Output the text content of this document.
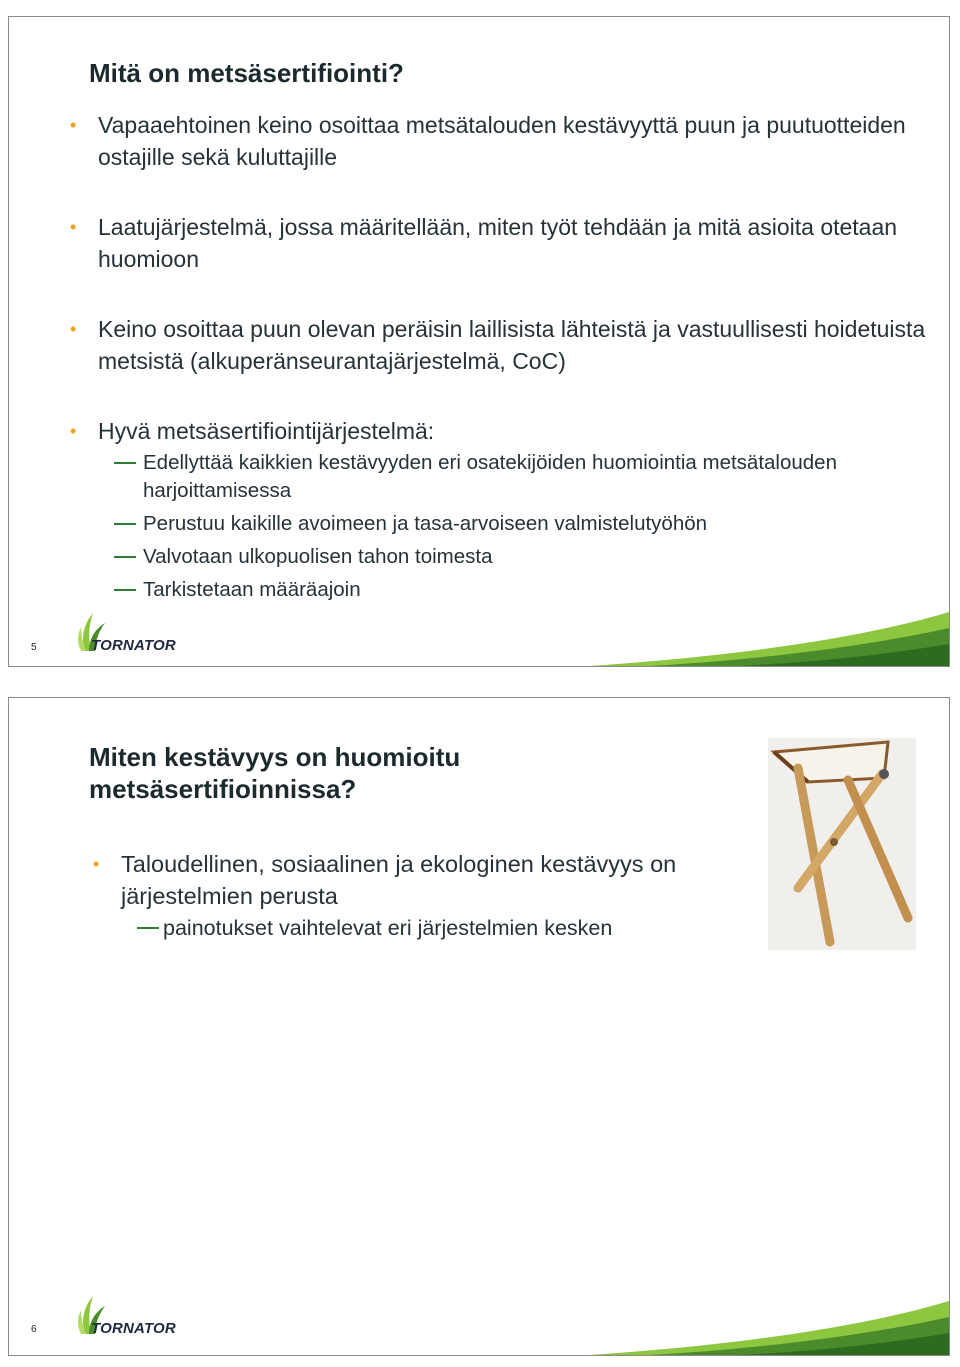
Mitä on metsäsertifiointi?
• Vapaaehtoinen keino osoittaa metsätalouden kestävyyttä puun ja puutuotteiden ostajille sekä kuluttajille
• Laatujärjestelmä, jossa määritellään, miten työt tehdään ja mitä asioita otetaan huomioon
• Keino osoittaa puun olevan peräisin laillisista lähteistä ja vastuullisesti hoidetuista metsistä (alkuperänseurantajärjestelmä, CoC)
• Hyvä metsäsertifiointijärjestelmä:
Edellyttää kaikkien kestävyyden eri osatekijöiden huomiointia metsätalouden harjoittamisessa
Perustuu kaikille avoimeen ja tasa-arvoiseen valmistelutyöhön
Valvotaan ulkopuolisen tahon toimesta
Tarkistetaan määräajoin
5	TORNATOR
Miten kestävyys on huomioitu metsäsertifioinnissa?
• Taloudellinen, sosiaalinen ja ekologinen kestävyys on järjestelmien perusta
painotukset vaihtelevat eri järjestelmien kesken
6	TORNATOR
